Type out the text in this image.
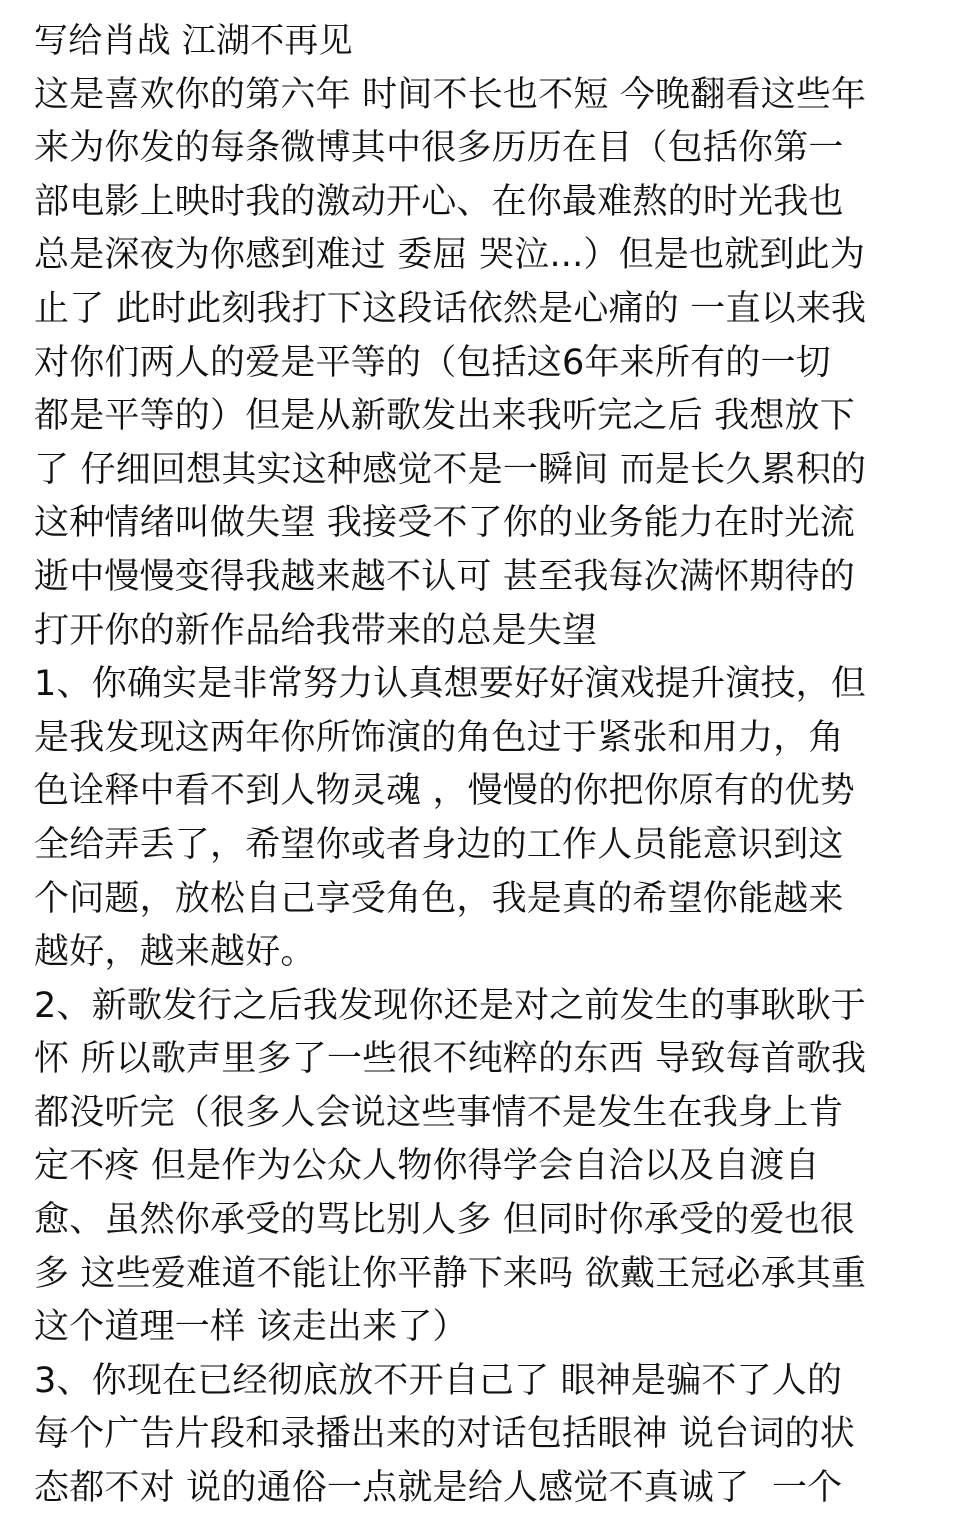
写给肖战 江湖不再见
这是喜欢你的第六年 时间不长也不短 今晚翻看这些年
来为你发的每条微博其中很多历历在目（包括你第一
部电影上映时我的激动开心、在你最难熬的时光我也
总是深夜为你感到难过 委屈 哭泣...）但是也就到此为
止了 此时此刻我打下这段话依然是心痛的 一直以来我
对你们两人的爱是平等的（包括这6年来所有的一切
都是平等的）但是从新歌发出来我听完之后 我想放下
了 仔细回想其实这种感觉不是一瞬间 而是长久累积的
这种情绪叫做失望 我接受不了你的业务能力在时光流
逝中慢慢变得我越来越不认可 甚至我每次满怀期待的
打开你的新作品给我带来的总是失望
1、你确实是非常努力认真想要好好演戏提升演技，但
是我发现这两年你所饰演的角色过于紧张和用力，角
色诠释中看不到人物灵魂 ，慢慢的你把你原有的优势
全给弄丢了，希望你或者身边的工作人员能意识到这
个问题，放松自己享受角色，我是真的希望你能越来
越好，越来越好。
2、新歌发行之后我发现你还是对之前发生的事耿耿于
怀 所以歌声里多了一些很不纯粹的东西 导致每首歌我
都没听完（很多人会说这些事情不是发生在我身上肯
定不疼 但是作为公众人物你得学会自洽以及自渡自
愈、虽然你承受的骂比别人多 但同时你承受的爱也很
多 这些爱难道不能让你平静下来吗 欲戴王冠必承其重
这个道理一样 该走出来了）
3、你现在已经彻底放不开自己了 眼神是骗不了人的
每个广告片段和录播出来的对话包括眼神 说台词的状
态都不对 说的通俗一点就是给人感觉不真诚了  一个
